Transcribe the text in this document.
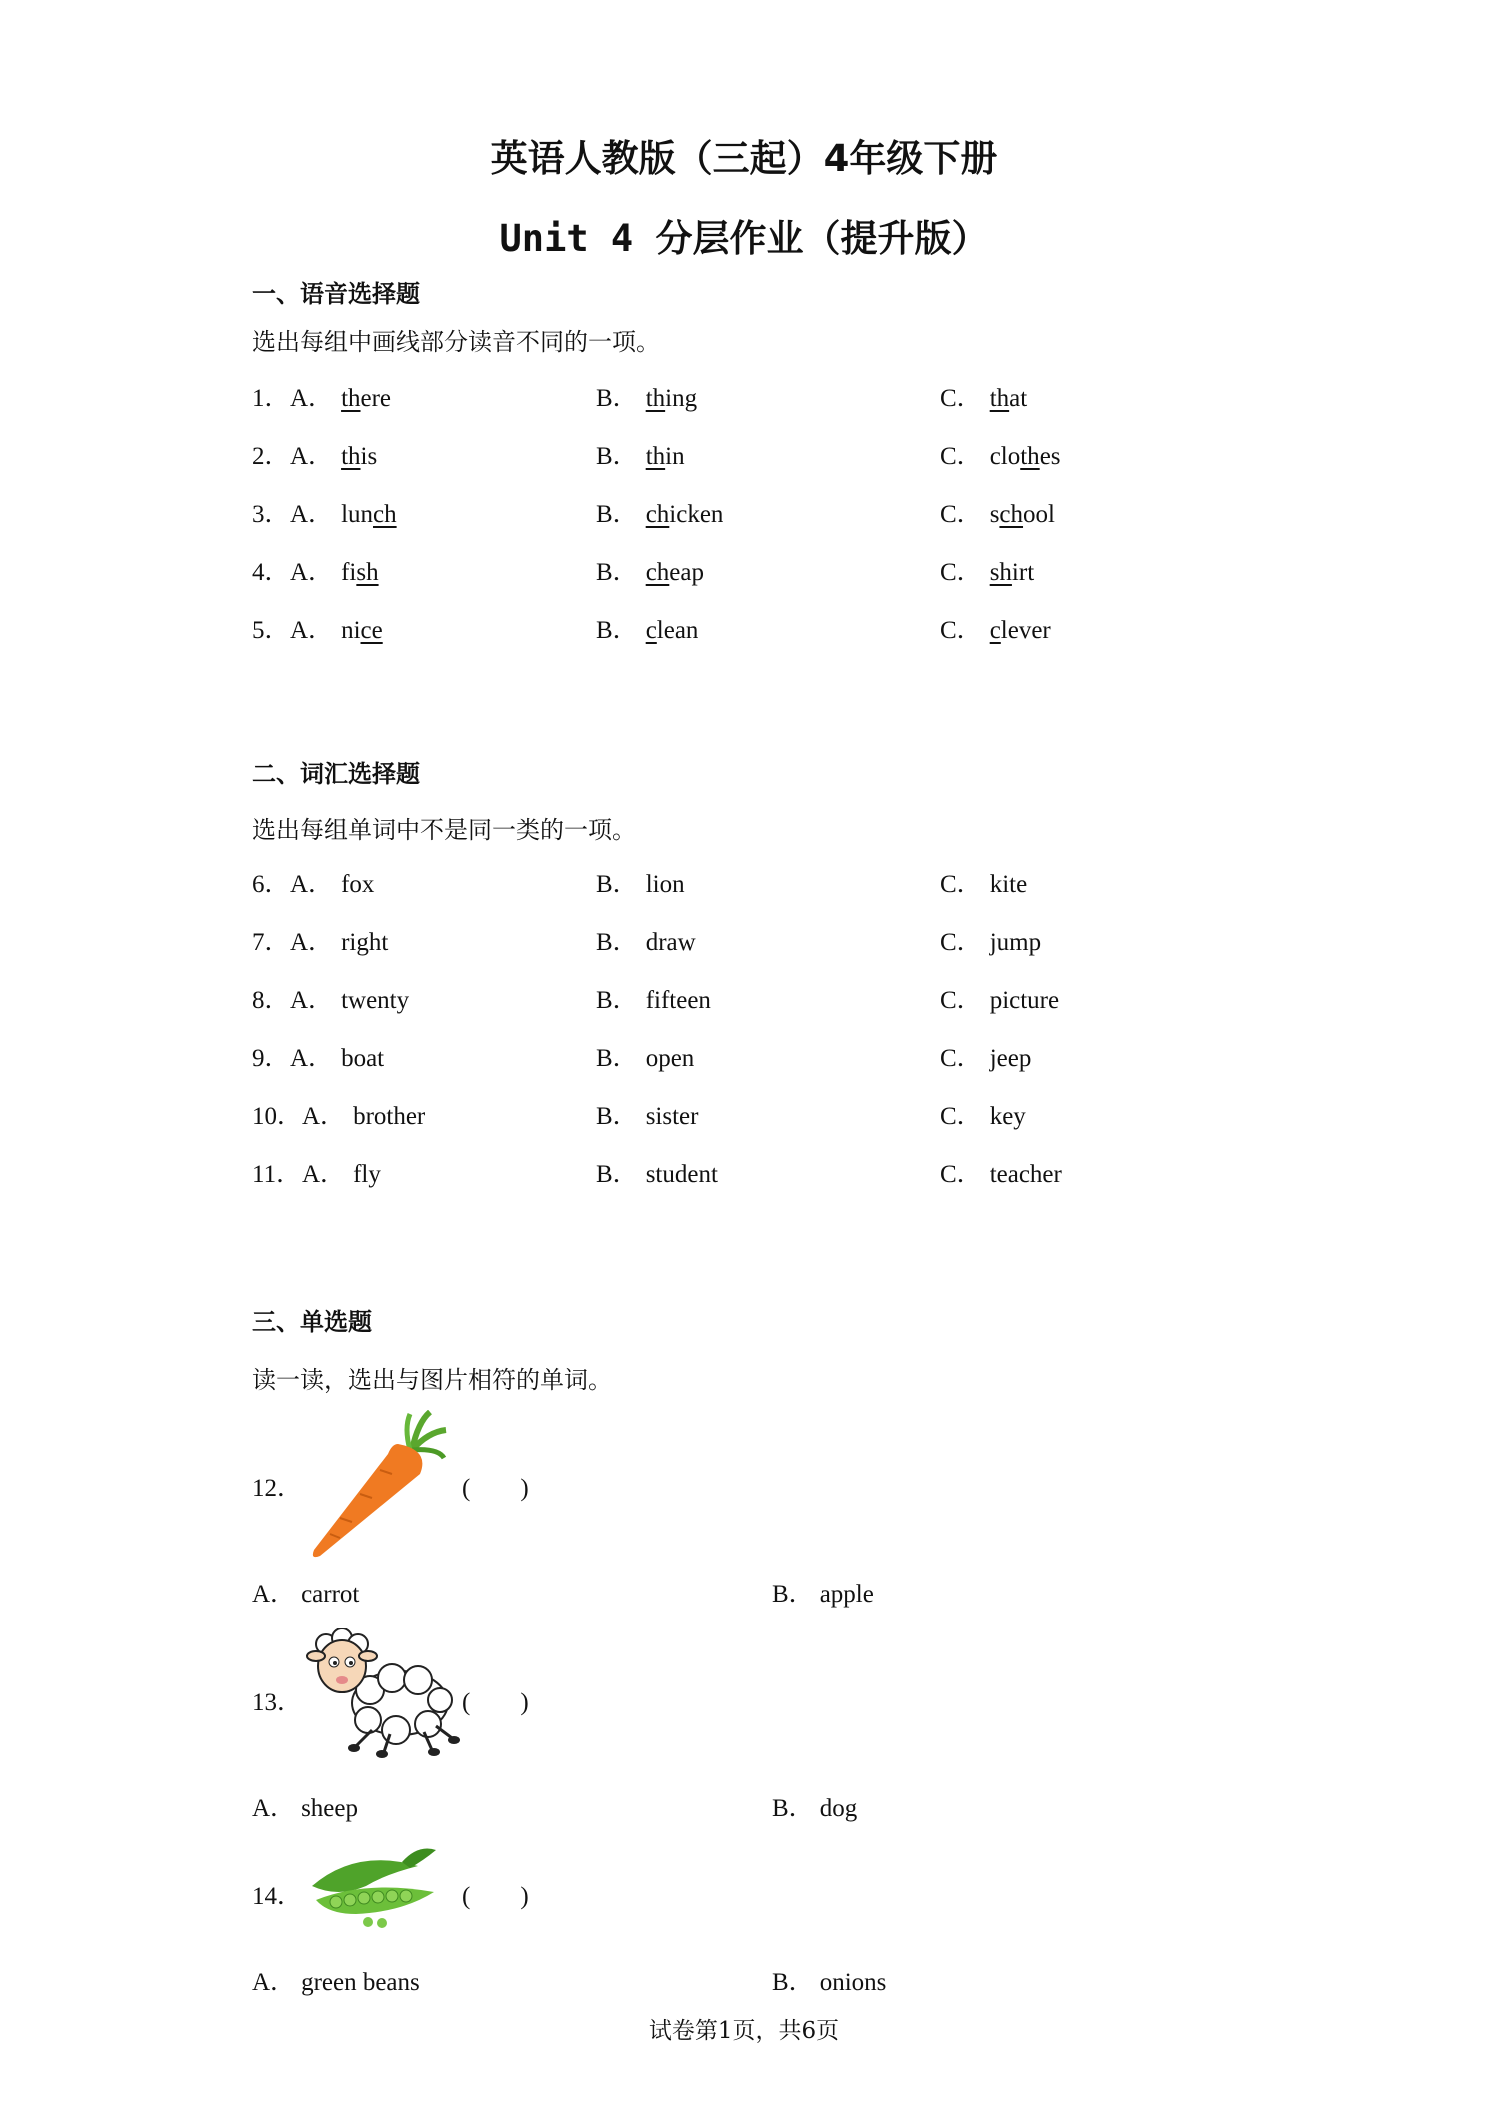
英语人教版（三起）4年级下册
Unit 4 分层作业（提升版）
一、语音选择题
选出每组中画线部分读音不同的一项。
1． A． there	B． thing	C． that
2． A． this	B． thin	C． clothes
3． A． lunch	B． chicken	C． school
4． A． fish	B． cheap	C． shirt
5． A． nice	B． clean	C． clever
二、词汇选择题
选出每组单词中不是同一类的一项。
6． A． fox	B． lion	C． kite
7． A． right	B． draw	C． jump
8． A． twenty	B． fifteen	C． picture
9． A． boat	B． open	C． jeep
10． A． brother	B． sister	C． key
11． A． fly	B． student	C． teacher
三、单选题
读一读，选出与图片相符的单词。
12．	(　　)
A． carrot	B． apple
13．	(　　)
A． sheep	B． dog
14．	(　　)
A． green beans	B． onions
试卷第1页，共6页
